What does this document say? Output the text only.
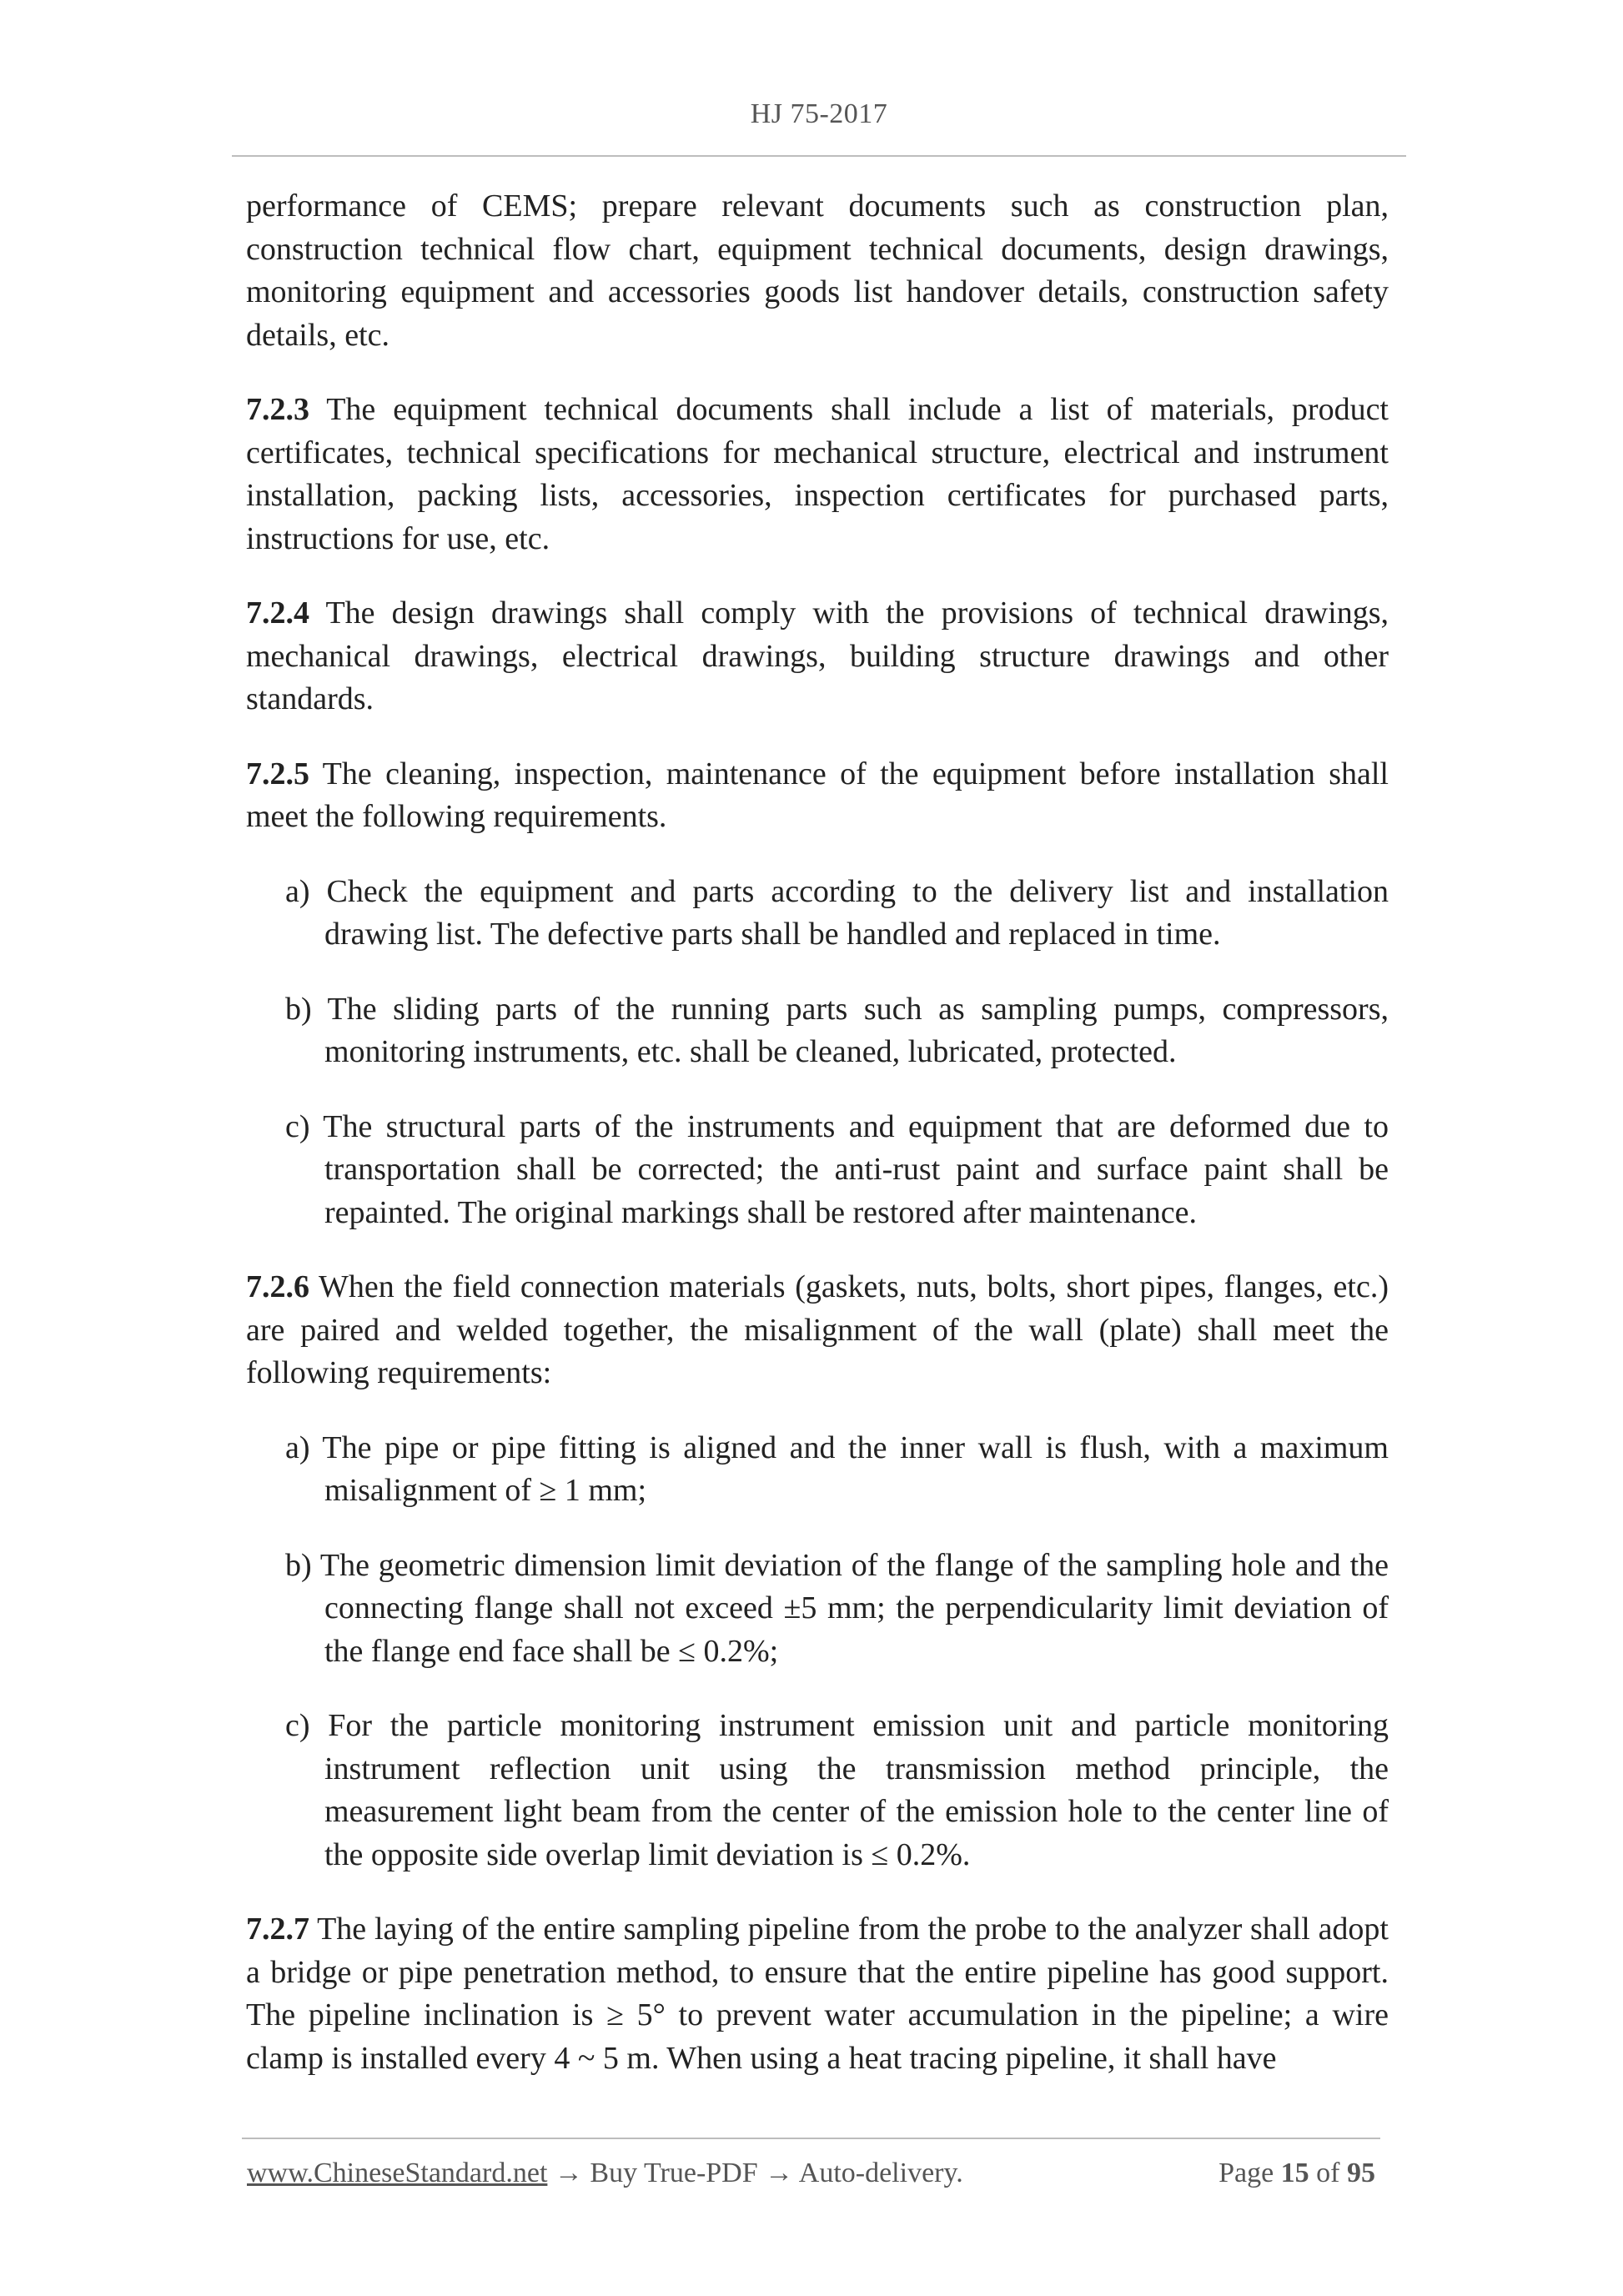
HJ 75-2017

performance of CEMS; prepare relevant documents such as construction plan, construction technical flow chart, equipment technical documents, design drawings, monitoring equipment and accessories goods list handover details, construction safety details, etc.

7.2.3 The equipment technical documents shall include a list of materials, product certificates, technical specifications for mechanical structure, electrical and instrument installation, packing lists, accessories, inspection certificates for purchased parts, instructions for use, etc.

7.2.4 The design drawings shall comply with the provisions of technical drawings, mechanical drawings, electrical drawings, building structure drawings and other standards.

7.2.5 The cleaning, inspection, maintenance of the equipment before installation shall meet the following requirements.

a) Check the equipment and parts according to the delivery list and installation drawing list. The defective parts shall be handled and replaced in time.

b) The sliding parts of the running parts such as sampling pumps, compressors, monitoring instruments, etc. shall be cleaned, lubricated, protected.

c) The structural parts of the instruments and equipment that are deformed due to transportation shall be corrected; the anti-rust paint and surface paint shall be repainted. The original markings shall be restored after maintenance.

7.2.6 When the field connection materials (gaskets, nuts, bolts, short pipes, flanges, etc.) are paired and welded together, the misalignment of the wall (plate) shall meet the following requirements:

a) The pipe or pipe fitting is aligned and the inner wall is flush, with a maximum misalignment of ≥ 1 mm;

b) The geometric dimension limit deviation of the flange of the sampling hole and the connecting flange shall not exceed ±5 mm; the perpendicularity limit deviation of the flange end face shall be ≤ 0.2%;

c) For the particle monitoring instrument emission unit and particle monitoring instrument reflection unit using the transmission method principle, the measurement light beam from the center of the emission hole to the center line of the opposite side overlap limit deviation is ≤ 0.2%.

7.2.7 The laying of the entire sampling pipeline from the probe to the analyzer shall adopt a bridge or pipe penetration method, to ensure that the entire pipeline has good support. The pipeline inclination is ≥ 5° to prevent water accumulation in the pipeline; a wire clamp is installed every 4 ~ 5 m. When using a heat tracing pipeline, it shall have

www.ChineseStandard.net → Buy True-PDF → Auto-delivery.	Page 15 of 95
